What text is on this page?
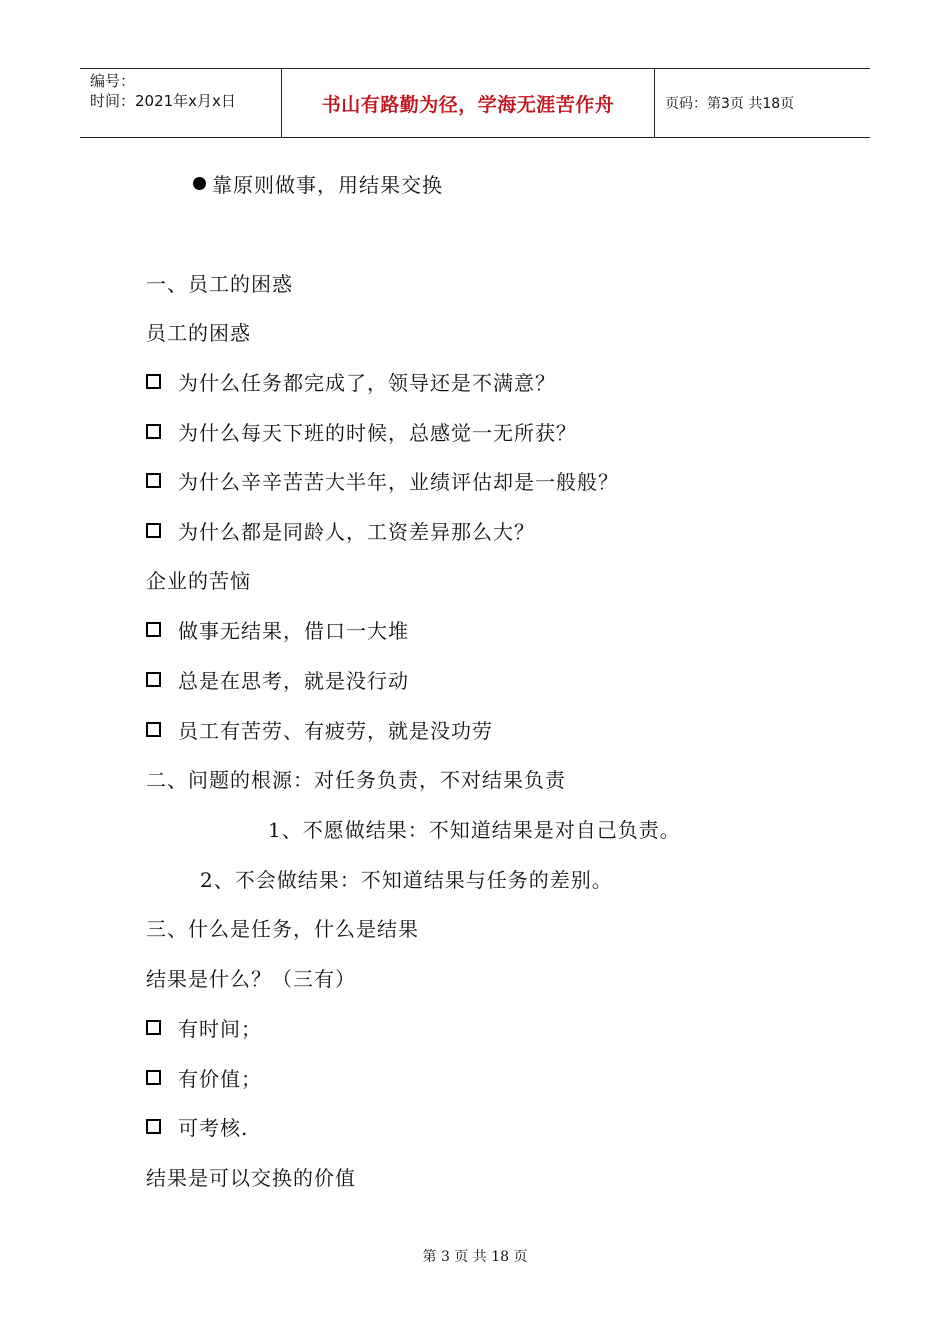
编号：
时间：2021年x月x日	书山有路勤为径，学海无涯苦作舟	页码：第3页 共18页
靠原则做事，用结果交换
一、员工的困惑
员工的困惑
为什么任务都完成了，领导还是不满意？
为什么每天下班的时候，总感觉一无所获？
为什么辛辛苦苦大半年，业绩评估却是一般般？
为什么都是同龄人，工资差异那么大？
企业的苦恼
做事无结果，借口一大堆
总是在思考，就是没行动
员工有苦劳、有疲劳，就是没功劳
二、问题的根源：对任务负责，不对结果负责
1、不愿做结果：不知道结果是对自己负责。
2、不会做结果：不知道结果与任务的差别。
三、什么是任务，什么是结果
结果是什么？（三有）
有时间；
有价值；
可考核.
结果是可以交换的价值
第 3 页 共 18 页
